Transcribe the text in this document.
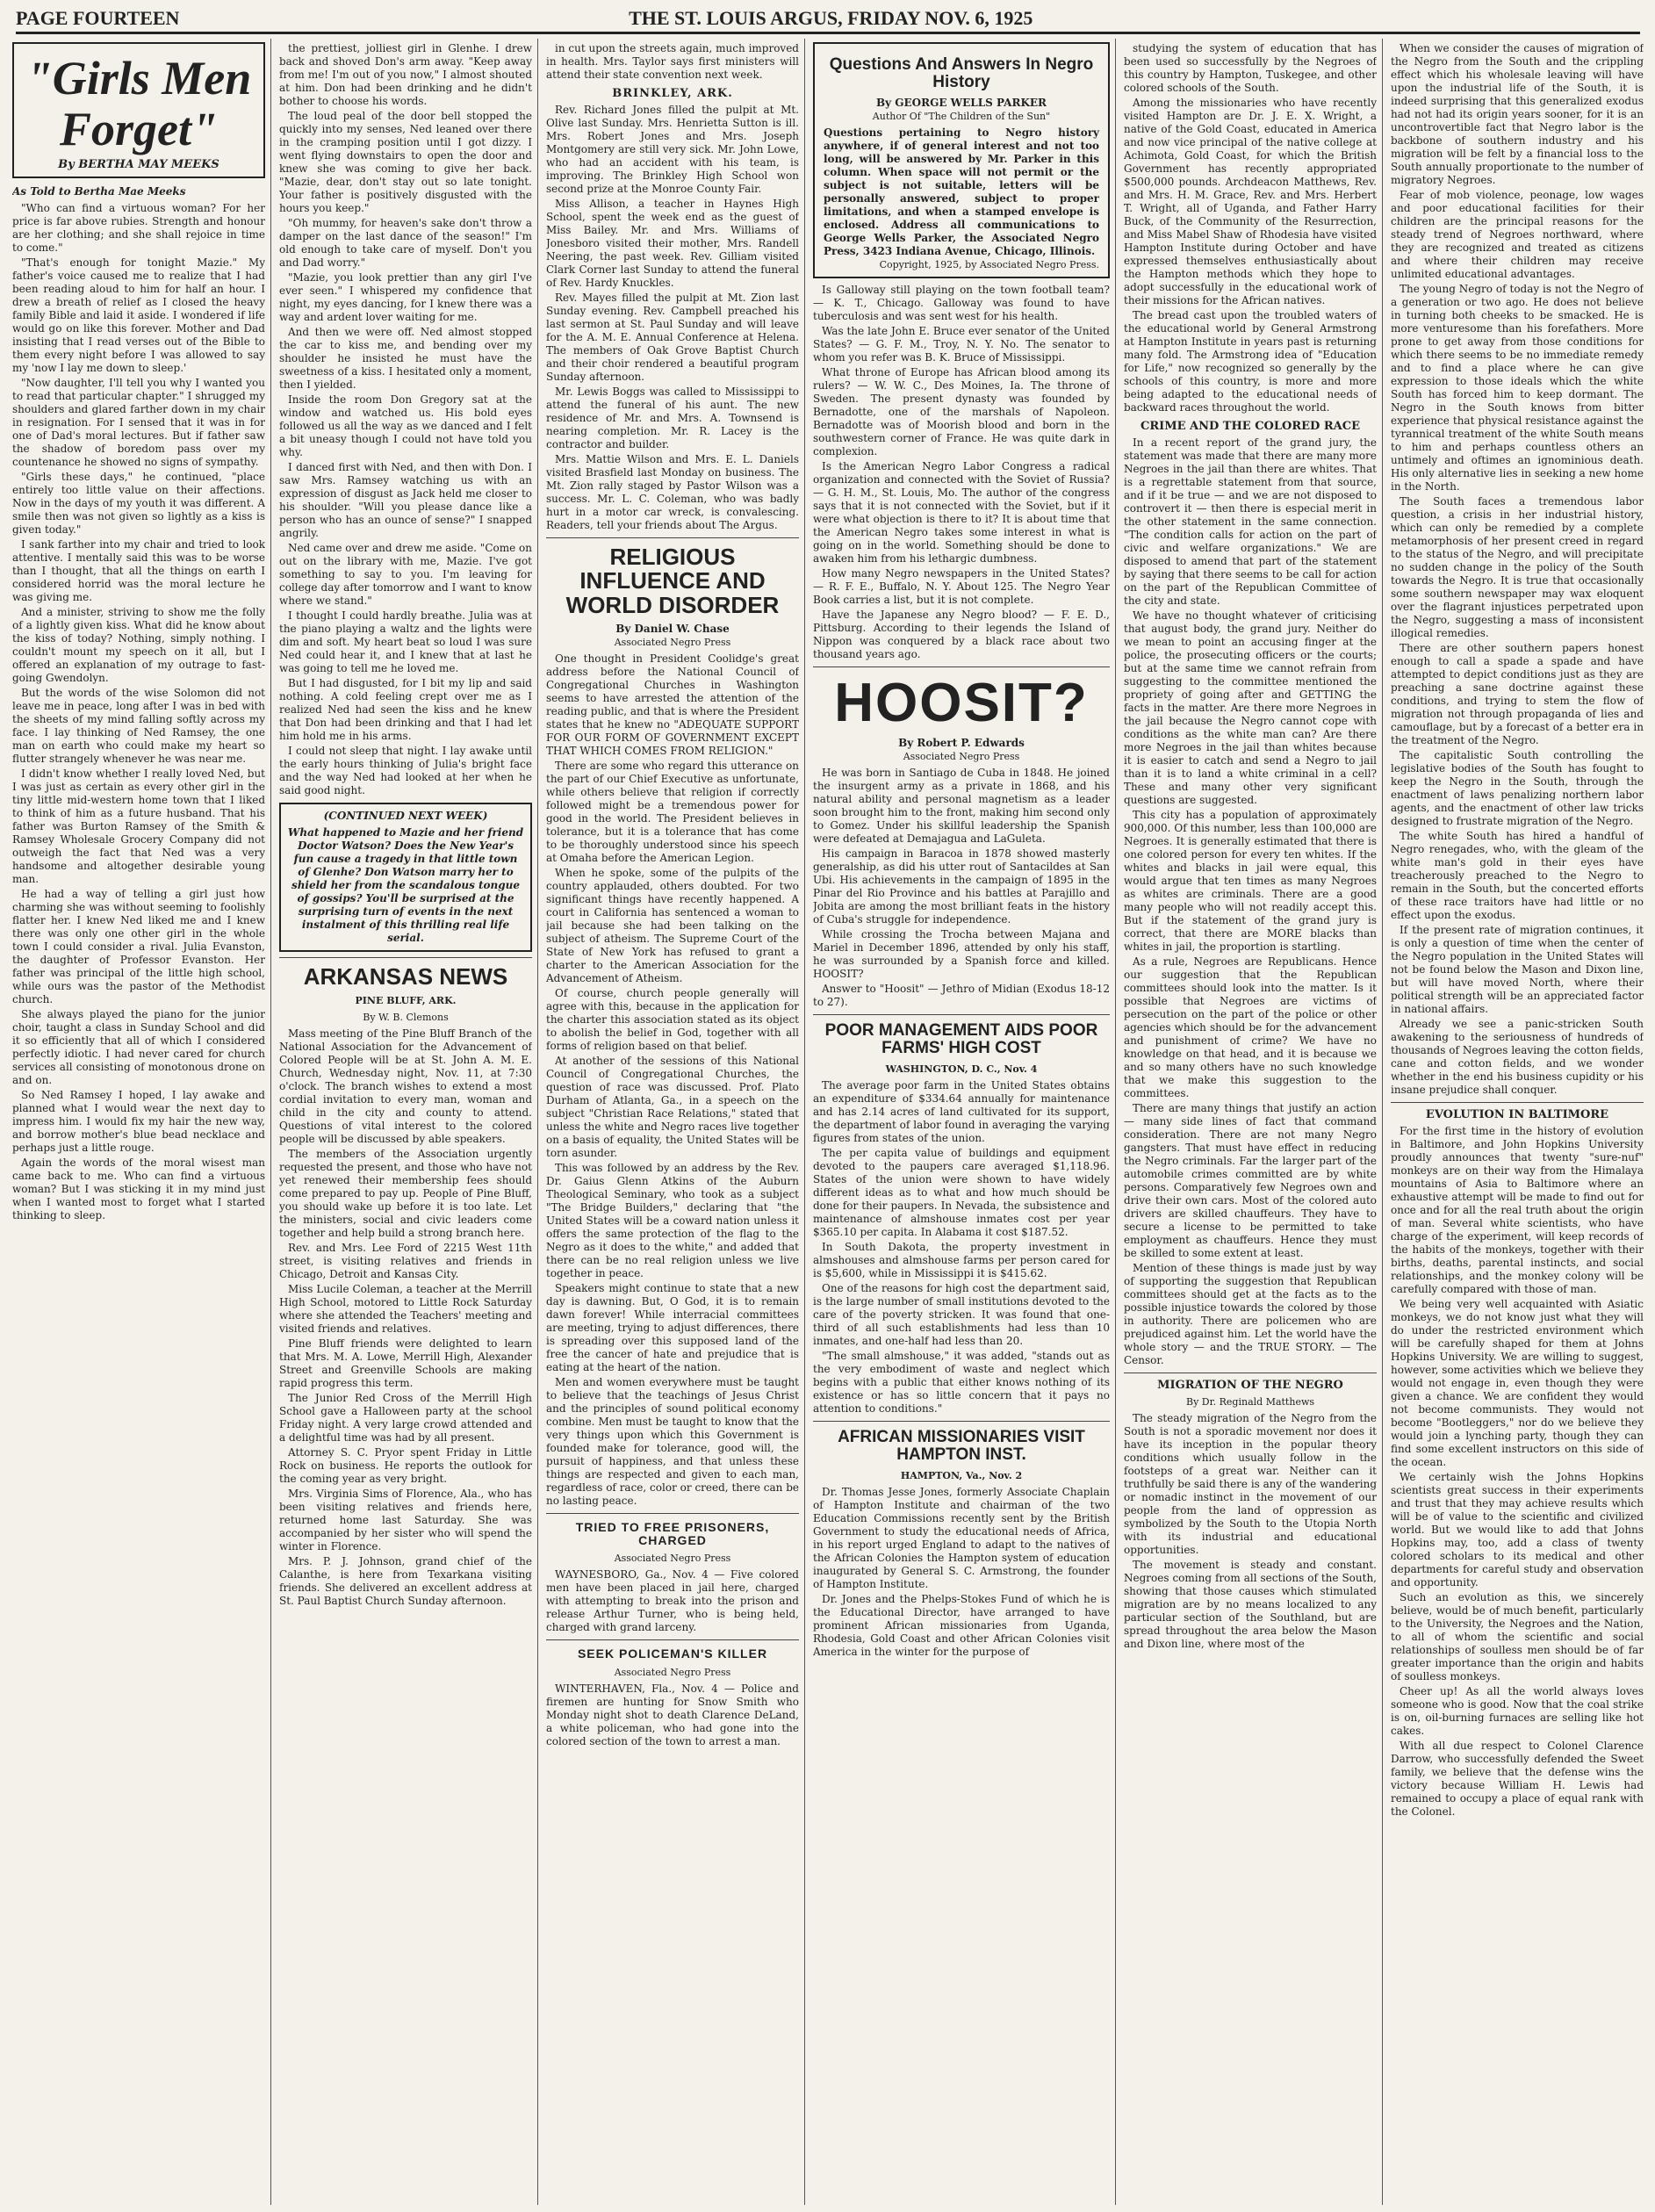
PAGE FOURTEEN	THE ST. LOUIS ARGUS, FRIDAY NOV. 6, 1925
"Girls Men Forget"
By BERTHA MAY MEEKS
As Told to Bertha Mae Meeks

"Who can find a virtuous woman? For her price is far above rubies. Strength and honour are her clothing; and she shall rejoice in time to come."

"That's enough for tonight Mazie." My father's voice caused me to realize that I had been reading aloud to him for half an hour. I drew a breath of relief as I closed the heavy family Bible and laid it aside. I wondered if life would go on like this forever. Mother and Dad insisting that I read verses out of the Bible to them every night before I was allowed to say my 'now I lay me down to sleep.'

"Now daughter, I'll tell you why I wanted you to read that particular chapter." I shrugged my shoulders and glared farther down in my chair in resignation. For I sensed that it was in for one of Dad's moral lectures. But if father saw the shadow of boredom pass over my countenance he showed no signs of sympathy.

"Girls these days," he continued, "place entirely too little value on their affections. Now in the days of my youth it was different. A smile then was not given so lightly as a kiss is given today."

I sank farther into my chair and tried to look attentive. I mentally said this was to be worse than I thought, that all the things on earth I considered horrid was the moral lecture he was giving me.

And a minister, striving to show me the folly of a lightly given kiss. What did he know about the kiss of today? Nothing, simply nothing. I couldn't mount my speech on it all, but I offered an explanation of my outrage to fast-going Gwendolyn.

But the words of the wise Solomon did not leave me in peace, long after I was in bed with the sheets of my mind falling softly across my face. I lay thinking of Ned Ramsey, the one man on earth who could make my heart so flutter strangely whenever he was near me.

I didn't know whether I really loved Ned, but I was just as certain as every other girl in the tiny little mid-western home town that I liked to think of him as a future husband. That his father was Burton Ramsey of the Smith & Ramsey Wholesale Grocery Company did not outweigh the fact that Ned was a very handsome and altogether desirable young man.

He had a way of telling a girl just how charming she was without seeming to foolishly flatter her. I knew Ned liked me and I knew there was only one other girl in the whole town I could consider a rival. Julia Evanston, the daughter of Professor Evanston. Her father was principal of the little high school, while ours was the pastor of the Methodist church.

She always played the piano for the junior choir, taught a class in Sunday School and did it so efficiently that all of which I considered perfectly idiotic. I had never cared for church services all consisting of monotonous drone on and on.

So Ned Ramsey I hoped, I lay awake and planned what I would wear the next day to impress him. I would fix my hair the new way, and borrow mother's blue bead necklace and perhaps just a little rouge.

Again the words of the moral wisest man came back to me. Who can find a virtuous woman? But I was sticking it in my mind just when I wanted most to forget what I started thinking to sleep.

the prettiest, jolliest girl in Glenhe. I drew back and shoved Don's arm away. "Keep away from me! I'm out of you now," I almost shouted at him. Don had been drinking and he didn't bother to choose his words.

The loud peal of the door bell stopped the quickly into my senses, Ned leaned over there in the cramping position until I got dizzy. I went flying downstairs to open the door and knew she was coming to give her back. "Mazie, dear, don't stay out so late tonight. Your father is positively disgusted with the hours you keep."

"Oh mummy, for heaven's sake don't throw a damper on the last dance of the season!" I'm old enough to take care of myself. Don't you and Dad worry."

"Mazie, you look prettier than any girl I've ever seen." I whispered my confidence that night, my eyes dancing, for I knew there was a way and ardent lover waiting for me.

And then we were off. Ned almost stopped the car to kiss me, and bending over my shoulder he insisted he must have the sweetness of a kiss. I hesitated only a moment, then I yielded.

Inside the room Don Gregory sat at the window and watched us. His bold eyes followed us all the way as we danced and I felt a bit uneasy though I could not have told you why.

I danced first with Ned, and then with Don. I saw Mrs. Ramsey watching us with an expression of disgust as Jack held me closer to his shoulder. "Will you please dance like a person who has an ounce of sense?" I snapped angrily.

Ned came over and drew me aside. "Come on out on the library with me, Mazie. I've got something to say to you. I'm leaving for college day after tomorrow and I want to know where we stand."

I thought I could hardly breathe. Julia was at the piano playing a waltz and the lights were dim and soft. My heart beat so loud I was sure Ned could hear it, and I knew that at last he was going to tell me he loved me.

But I had disgusted, for I bit my lip and said nothing. A cold feeling crept over me as I realized Ned had seen the kiss and he knew that Don had been drinking and that I had let him hold me in his arms.

I could not sleep that night. I lay awake until the early hours thinking of Julia's bright face and the way Ned had looked at her when he said good night.

(CONTINUED NEXT WEEK)
What happened to Mazie and her friend Doctor Watson? Does the New Year's fun cause a tragedy in that little town of Glenhe? Don Watson marry her to shield her from the scandalous tongue of gossips? You'll be surprised at the surprising turn of events in the next instalment of this thrilling real life serial.
ARKANSAS NEWS
PINE BLUFF, ARK.
By W. B. Clemons

Mass meeting of the Pine Bluff Branch of the National Association for the Advancement of Colored People will be at St. John A. M. E. Church, Wednesday night, Nov. 11, at 7:30 o'clock. The branch wishes to extend a most cordial invitation to every man, woman and child in the city and county to attend. Questions of vital interest to the colored people will be discussed by able speakers.

The members of the Association urgently requested the present, and those who have not yet renewed their membership fees should come prepared to pay up. People of Pine Bluff, you should wake up before it is too late. Let the ministers, social and civic leaders come together and help build a strong branch here.

Rev. and Mrs. Lee Ford of 2215 West 11th street, is visiting relatives and friends in Chicago, Detroit and Kansas City.

Miss Lucile Coleman, a teacher at the Merrill High School, motored to Little Rock Saturday where she attended the Teachers' meeting and visited friends and relatives.

Pine Bluff friends were delighted to learn that Mrs. M. A. Lowe, Merrill High, Alexander Street and Greenville Schools are making rapid progress this term.

The Junior Red Cross of the Merrill High School gave a Halloween party at the school Friday night. A very large crowd attended and a delightful time was had by all present.

Attorney S. C. Pryor spent Friday in Little Rock on business. He reports the outlook for the coming year as very bright.

Mrs. Virginia Sims of Florence, Ala., who has been visiting relatives and friends here, returned home last Saturday. She was accompanied by her sister who will spend the winter in Florence.

Mrs. P. J. Johnson, grand chief of the Calanthe, is here from Texarkana visiting friends. She delivered an excellent address at St. Paul Baptist Church Sunday afternoon.

in cut upon the streets again, much improved in health. Mrs. Taylor says first ministers will attend their state convention next week.

BRINKLEY, ARK.

Rev. Richard Jones filled the pulpit at Mt. Olive last Sunday. Mrs. Henrietta Sutton is ill. Mrs. Robert Jones and Mrs. Joseph Montgomery are still very sick. Mr. John Lowe, who had an accident with his team, is improving. The Brinkley High School won second prize at the Monroe County Fair.

Miss Allison, a teacher in Haynes High School, spent the week end as the guest of Miss Bailey. Mr. and Mrs. Williams of Jonesboro visited their mother, Mrs. Randell Neering, the past week. Rev. Gilliam visited Clark Corner last Sunday to attend the funeral of Rev. Hardy Knuckles.

Rev. Mayes filled the pulpit at Mt. Zion last Sunday evening. Rev. Campbell preached his last sermon at St. Paul Sunday and will leave for the A. M. E. Annual Conference at Helena. The members of Oak Grove Baptist Church and their choir rendered a beautiful program Sunday afternoon.

Mr. Lewis Boggs was called to Mississippi to attend the funeral of his aunt. The new residence of Mr. and Mrs. A. Townsend is nearing completion. Mr. R. Lacey is the contractor and builder.

Mrs. Mattie Wilson and Mrs. E. L. Daniels visited Brasfield last Monday on business. The Mt. Zion rally staged by Pastor Wilson was a success. Mr. L. C. Coleman, who was badly hurt in a motor car wreck, is convalescing. Readers, tell your friends about The Argus.

RELIGIOUS INFLUENCE AND WORLD DISORDER
By Daniel W. Chase
Associated Negro Press

One thought in President Coolidge's great address before the National Council of Congregational Churches in Washington seems to have arrested the attention of the reading public, and that is where the President states that he knew no "ADEQUATE SUPPORT FOR OUR FORM OF GOVERNMENT EXCEPT THAT WHICH COMES FROM RELIGION."

There are some who regard this utterance on the part of our Chief Executive as unfortunate, while others believe that religion if correctly followed might be a tremendous power for good in the world. The President believes in tolerance, but it is a tolerance that has come to be thoroughly understood since his speech at Omaha before the American Legion.

When he spoke, some of the pulpits of the country applauded, others doubted. For two significant things have recently happened. A court in California has sentenced a woman to jail because she had been talking on the subject of atheism. The Supreme Court of the State of New York has refused to grant a charter to the American Association for the Advancement of Atheism.

Of course, church people generally will agree with this, because in the application for the charter this association stated as its object to abolish the belief in God, together with all forms of religion based on that belief.

At another of the sessions of this National Council of Congregational Churches, the question of race was discussed. Prof. Plato Durham of Atlanta, Ga., in a speech on the subject "Christian Race Relations," stated that unless the white and Negro races live together on a basis of equality, the United States will be torn asunder.

This was followed by an address by the Rev. Dr. Gaius Glenn Atkins of the Auburn Theological Seminary, who took as a subject "The Bridge Builders," declaring that "the United States will be a coward nation unless it offers the same protection of the flag to the Negro as it does to the white," and added that there can be no real religion unless we live together in peace.

Speakers might continue to state that a new day is dawning. But, O God, it is to remain dawn forever! While interracial committees are meeting, trying to adjust differences, there is spreading over this supposed land of the free the cancer of hate and prejudice that is eating at the heart of the nation.

Men and women everywhere must be taught to believe that the teachings of Jesus Christ and the principles of sound political economy combine. Men must be taught to know that the very things upon which this Government is founded make for tolerance, good will, the pursuit of happiness, and that unless these things are respected and given to each man, regardless of race, color or creed, there can be no lasting peace.

TRIED TO FREE PRISONERS, CHARGED
Associated Negro Press

WAYNESBORO, Ga., Nov. 4 — Five colored men have been placed in jail here, charged with attempting to break into the prison and release Arthur Turner, who is being held, charged with grand larceny.

SEEK POLICEMAN'S KILLER
Associated Negro Press

WINTERHAVEN, Fla., Nov. 4 — Police and firemen are hunting for Snow Smith who Monday night shot to death Clarence DeLand, a white policeman, who had gone into the colored section of the town to arrest a man.

Questions And Answers In Negro History
By GEORGE WELLS PARKER
Author Of "The Children of the Sun"
Questions pertaining to Negro history anywhere, if of general interest and not too long, will be answered by Mr. Parker in this column. When space will not permit or the subject is not suitable, letters will be personally answered, subject to proper limitations, and when a stamped envelope is enclosed. Address all communications to George Wells Parker, the Associated Negro Press, 3423 Indiana Avenue, Chicago, Illinois.
Copyright, 1925, by Associated Negro Press.

Is Galloway still playing on the town football team? — K. T., Chicago. Galloway was found to have tuberculosis and was sent west for his health.

Was the late John E. Bruce ever senator of the United States? — G. F. M., Troy, N. Y. No. The senator to whom you refer was B. K. Bruce of Mississippi.

What throne of Europe has African blood among its rulers? — W. W. C., Des Moines, Ia. The throne of Sweden. The present dynasty was founded by Bernadotte, one of the marshals of Napoleon. Bernadotte was of Moorish blood and born in the southwestern corner of France. He was quite dark in complexion.

Is the American Negro Labor Congress a radical organization and connected with the Soviet of Russia? — G. H. M., St. Louis, Mo. The author of the congress says that it is not connected with the Soviet, but if it were what objection is there to it? It is about time that the American Negro takes some interest in what is going on in the world. Something should be done to awaken him from his lethargic dumbness.

How many Negro newspapers in the United States? — R. F. E., Buffalo, N. Y. About 125. The Negro Year Book carries a list, but it is not complete.

Have the Japanese any Negro blood? — F. E. D., Pittsburg. According to their legends the Island of Nippon was conquered by a black race about two thousand years ago.

HOOSIT?
By Robert P. Edwards
Associated Negro Press

He was born in Santiago de Cuba in 1848. He joined the insurgent army as a private in 1868, and his natural ability and personal magnetism as a leader soon brought him to the front, making him second only to Gomez. Under his skillful leadership the Spanish were defeated at Demajagua and LaGuleta.

His campaign in Baracoa in 1878 showed masterly generalship, as did his utter rout of Santacildes at San Ubi. His achievements in the campaign of 1895 in the Pinar del Rio Province and his battles at Parajillo and Jobita are among the most brilliant feats in the history of Cuba's struggle for independence.

While crossing the Trocha between Majana and Mariel in December 1896, attended by only his staff, he was surrounded by a Spanish force and killed. HOOSIT?

Answer to "Hoosit" — Jethro of Midian (Exodus 18-12 to 27).

POOR MANAGEMENT AIDS POOR FARMS' HIGH COST
WASHINGTON, D. C., Nov. 4

The average poor farm in the United States obtains an expenditure of $334.64 annually for maintenance and has 2.14 acres of land cultivated for its support, the department of labor found in averaging the varying figures from states of the union.

The per capita value of buildings and equipment devoted to the paupers care averaged $1,118.96. States of the union were shown to have widely different ideas as to what and how much should be done for their paupers. In Nevada, the subsistence and maintenance of almshouse inmates cost per year $365.10 per capita. In Alabama it cost $187.52.

In South Dakota, the property investment in almshouses and almshouse farms per person cared for is $5,600, while in Mississippi it is $415.62.

One of the reasons for high cost the department said, is the large number of small institutions devoted to the care of the poverty stricken. It was found that one-third of all such establishments had less than 10 inmates, and one-half had less than 20.

"The small almshouse," it was added, "stands out as the very embodiment of waste and neglect which begins with a public that either knows nothing of its existence or has so little concern that it pays no attention to conditions."

AFRICAN MISSIONARIES VISIT HAMPTON INST.
HAMPTON, Va., Nov. 2

Dr. Thomas Jesse Jones, formerly Associate Chaplain of Hampton Institute and chairman of the two Education Commissions recently sent by the British Government to study the educational needs of Africa, in his report urged England to adapt to the natives of the African Colonies the Hampton system of education inaugurated by General S. C. Armstrong, the founder of Hampton Institute.

Dr. Jones and the Phelps-Stokes Fund of which he is the Educational Director, have arranged to have prominent African missionaries from Uganda, Rhodesia, Gold Coast and other African Colonies visit America in the winter for the purpose of

studying the system of education that has been used so successfully by the Negroes of this country by Hampton, Tuskegee, and other colored schools of the South.

Among the missionaries who have recently visited Hampton are Dr. J. E. X. Wright, a native of the Gold Coast, educated in America and now vice principal of the native college at Achimota, Gold Coast, for which the British Government has recently appropriated $500,000 pounds. Archdeacon Matthews, Rev. and Mrs. H. M. Grace, Rev. and Mrs. Herbert T. Wright, all of Uganda, and Father Harry Buck, of the Community of the Resurrection, and Miss Mabel Shaw of Rhodesia have visited Hampton Institute during October and have expressed themselves enthusiastically about the Hampton methods which they hope to adopt successfully in the educational work of their missions for the African natives.

The bread cast upon the troubled waters of the educational world by General Armstrong at Hampton Institute in years past is returning many fold. The Armstrong idea of "Education for Life," now recognized so generally by the schools of this country, is more and more being adapted to the educational needs of backward races throughout the world.

CRIME AND THE COLORED RACE

In a recent report of the grand jury, the statement was made that there are many more Negroes in the jail than there are whites. That is a regrettable statement from that source, and if it be true — and we are not disposed to controvert it — then there is especial merit in the other statement in the same connection. "The condition calls for action on the part of civic and welfare organizations." We are disposed to amend that part of the statement by saying that there seems to be call for action on the part of the Republican Committee of the city and state.

We have no thought whatever of criticising that august body, the grand jury. Neither do we mean to point an accusing finger at the police, the prosecuting officers or the courts; but at the same time we cannot refrain from suggesting to the committee mentioned the propriety of going after and GETTING the facts in the matter. Are there more Negroes in the jail because the Negro cannot cope with conditions as the white man can? Are there more Negroes in the jail than whites because it is easier to catch and send a Negro to jail than it is to land a white criminal in a cell? These and many other very significant questions are suggested.

This city has a population of approximately 900,000. Of this number, less than 100,000 are Negroes. It is generally estimated that there is one colored person for every ten whites. If the whites and blacks in jail were equal, this would argue that ten times as many Negroes as whites are criminals. There are a good many people who will not readily accept this. But if the statement of the grand jury is correct, that there are MORE blacks than whites in jail, the proportion is startling.

As a rule, Negroes are Republicans. Hence our suggestion that the Republican committees should look into the matter. Is it possible that Negroes are victims of persecution on the part of the police or other agencies which should be for the advancement and punishment of crime? We have no knowledge on that head, and it is because we and so many others have no such knowledge that we make this suggestion to the committees.

There are many things that justify an action — many side lines of fact that command consideration. There are not many Negro gangsters. That must have effect in reducing the Negro criminals. Far the larger part of the automobile crimes committed are by white persons. Comparatively few Negroes own and drive their own cars. Most of the colored auto drivers are skilled chauffeurs. They have to secure a license to be permitted to take employment as chauffeurs. Hence they must be skilled to some extent at least.

Mention of these things is made just by way of supporting the suggestion that Republican committees should get at the facts as to the possible injustice towards the colored by those in authority. There are policemen who are prejudiced against him. Let the world have the whole story — and the TRUE STORY. — The Censor.

MIGRATION OF THE NEGRO
By Dr. Reginald Matthews

The steady migration of the Negro from the South is not a sporadic movement nor does it have its inception in the popular theory conditions which usually follow in the footsteps of a great war. Neither can it truthfully be said there is any of the wandering or nomadic instinct in the movement of our people from the land of oppression as symbolized by the South to the Utopia North with its industrial and educational opportunities.

The movement is steady and constant. Negroes coming from all sections of the South, showing that those causes which stimulated migration are by no means localized to any particular section of the Southland, but are spread throughout the area below the Mason and Dixon line, where most of the

When we consider the causes of migration of the Negro from the South and the crippling effect which his wholesale leaving will have upon the industrial life of the South, it is indeed surprising that this generalized exodus had not had its origin years sooner, for it is an uncontrovertible fact that Negro labor is the backbone of southern industry and his migration will be felt by a financial loss to the South annually proportionate to the number of migratory Negroes.

Fear of mob violence, peonage, low wages and poor educational facilities for their children are the principal reasons for the steady trend of Negroes northward, where they are recognized and treated as citizens and where their children may receive unlimited educational advantages.

The young Negro of today is not the Negro of a generation or two ago. He does not believe in turning both cheeks to be smacked. He is more venturesome than his forefathers. More prone to get away from those conditions for which there seems to be no immediate remedy and to find a place where he can give expression to those ideals which the white South has forced him to keep dormant. The Negro in the South knows from bitter experience that physical resistance against the tyrannical treatment of the white South means to him and perhaps countless others an untimely and oftimes an ignominious death. His only alternative lies in seeking a new home in the North.

The South faces a tremendous labor question, a crisis in her industrial history, which can only be remedied by a complete metamorphosis of her present creed in regard to the status of the Negro, and will precipitate no sudden change in the policy of the South towards the Negro. It is true that occasionally some southern newspaper may wax eloquent over the flagrant injustices perpetrated upon the Negro, suggesting a mass of inconsistent illogical remedies.

There are other southern papers honest enough to call a spade a spade and have attempted to depict conditions just as they are preaching a sane doctrine against these conditions, and trying to stem the flow of migration not through propaganda of lies and camouflage, but by a forecast of a better era in the treatment of the Negro.

The capitalistic South controlling the legislative bodies of the South has fought to keep the Negro in the South, through the enactment of laws penalizing northern labor agents, and the enactment of other law tricks designed to frustrate migration of the Negro.

The white South has hired a handful of Negro renegades, who, with the gleam of the white man's gold in their eyes have treacherously preached to the Negro to remain in the South, but the concerted efforts of these race traitors have had little or no effect upon the exodus.

If the present rate of migration continues, it is only a question of time when the center of the Negro population in the United States will not be found below the Mason and Dixon line, but will have moved North, where their political strength will be an appreciated factor in national affairs.

Already we see a panic-stricken South awakening to the seriousness of hundreds of thousands of Negroes leaving the cotton fields, cane and cotton fields, and we wonder whether in the end his business cupidity or his insane prejudice shall conquer.

EVOLUTION IN BALTIMORE

For the first time in the history of evolution in Baltimore, and John Hopkins University proudly announces that twenty "sure-nuf" monkeys are on their way from the Himalaya mountains of Asia to Baltimore where an exhaustive attempt will be made to find out for once and for all the real truth about the origin of man. Several white scientists, who have charge of the experiment, will keep records of the habits of the monkeys, together with their births, deaths, parental instincts, and social relationships, and the monkey colony will be carefully compared with those of man.

We being very well acquainted with Asiatic monkeys, we do not know just what they will do under the restricted environment which will be carefully shaped for them at Johns Hopkins University. We are willing to suggest, however, some activities which we believe they would not engage in, even though they were given a chance. We are confident they would not become communists. They would not become "Bootleggers," nor do we believe they would join a lynching party, though they can find some excellent instructors on this side of the ocean.

We certainly wish the Johns Hopkins scientists great success in their experiments and trust that they may achieve results which will be of value to the scientific and civilized world. But we would like to add that Johns Hopkins may, too, add a class of twenty colored scholars to its medical and other departments for careful study and observation and opportunity.

Such an evolution as this, we sincerely believe, would be of much benefit, particularly to the University, the Negroes and the Nation, to all of whom the scientific and social relationships of soulless men should be of far greater importance than the origin and habits of soulless monkeys.

Cheer up! As all the world always loves someone who is good. Now that the coal strike is on, oil-burning furnaces are selling like hot cakes.

With all due respect to Colonel Clarence Darrow, who successfully defended the Sweet family, we believe that the defense wins the victory because William H. Lewis had remained to occupy a place of equal rank with the Colonel.
